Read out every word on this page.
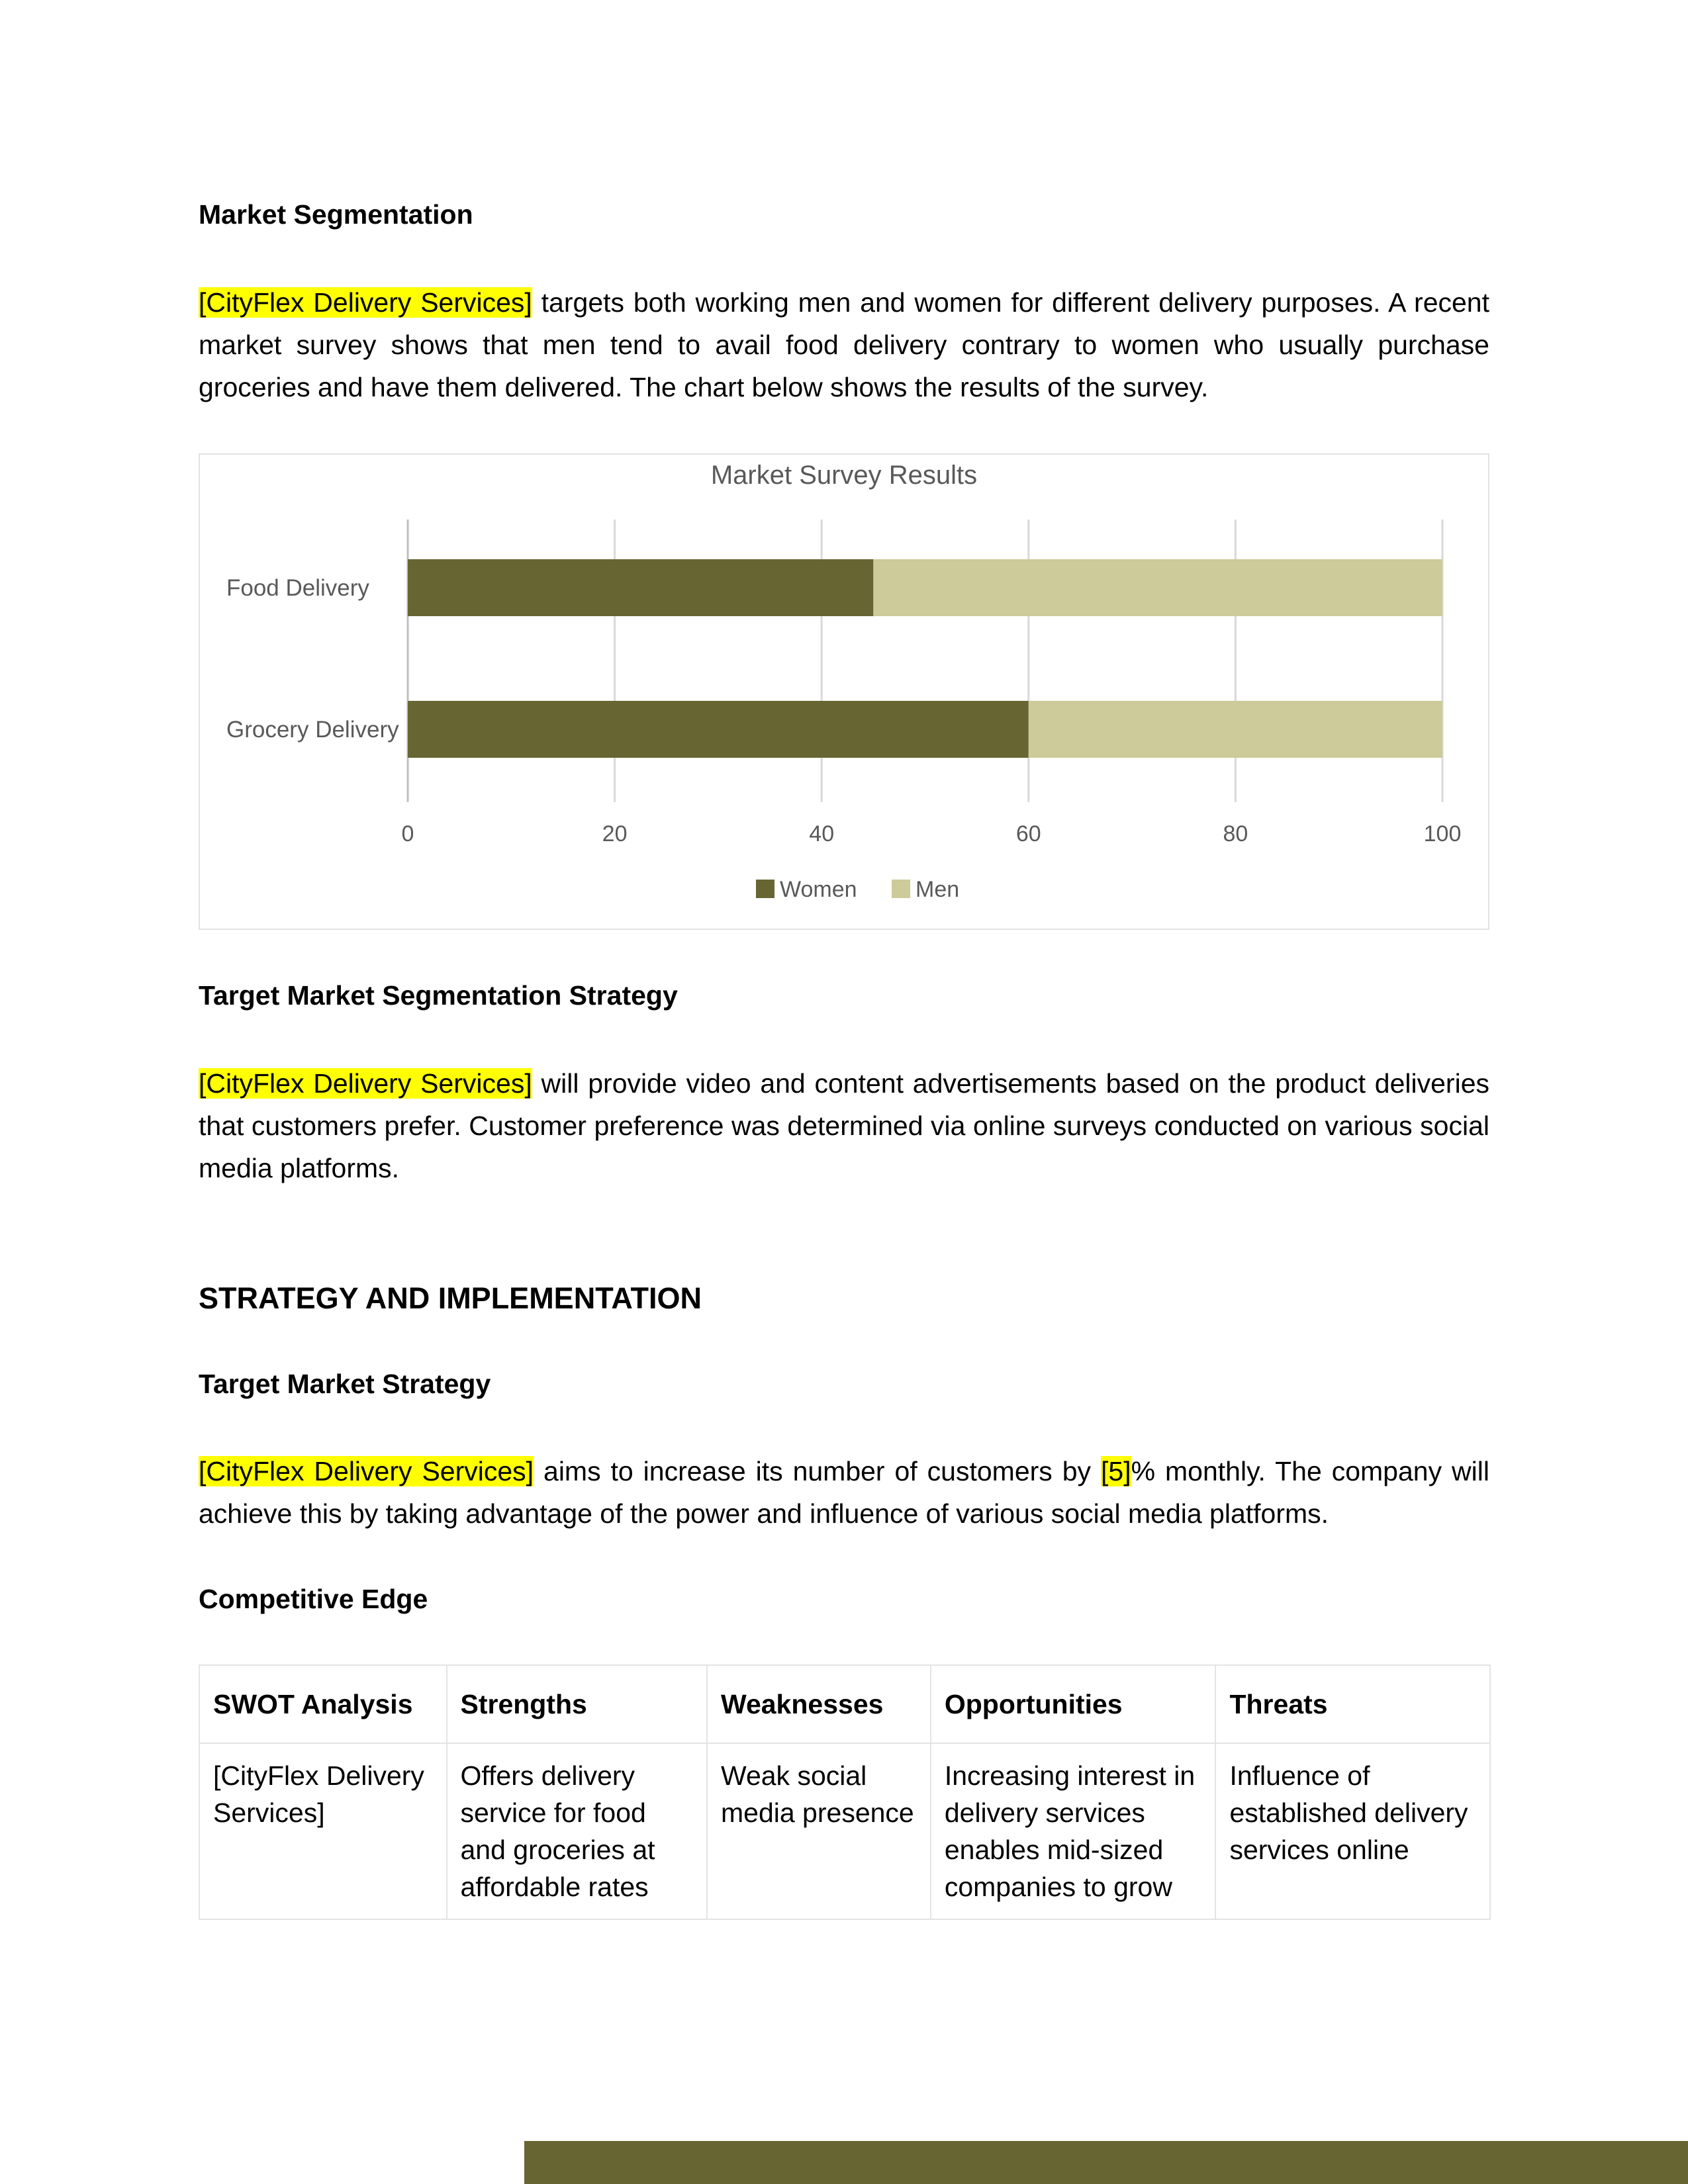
Market Segmentation

[CityFlex Delivery Services] targets both working men and women for different delivery purposes. A recent market survey shows that men tend to avail food delivery contrary to women who usually purchase groceries and have them delivered. The chart below shows the results of the survey.

Market Survey Results
0	20	40	60	80	100
Food Delivery
Grocery Delivery
Women	Men
Target Market Segmentation Strategy

[CityFlex Delivery Services] will provide video and content advertisements based on the product deliveries that customers prefer. Customer preference was determined via online surveys conducted on various social media platforms.

STRATEGY AND IMPLEMENTATION
Target Market Strategy

[CityFlex Delivery Services] aims to increase its number of customers by [5]% monthly. The company will achieve this by taking advantage of the power and influence of various social media platforms.

Competitive Edge
SWOT Analysis	Strengths	Weaknesses	Opportunities	Threats
[CityFlex Delivery Services]	Offers delivery service for food and groceries at affordable rates	Weak social media presence	Increasing interest in delivery services enables mid-sized companies to grow	Influence of established delivery services online
